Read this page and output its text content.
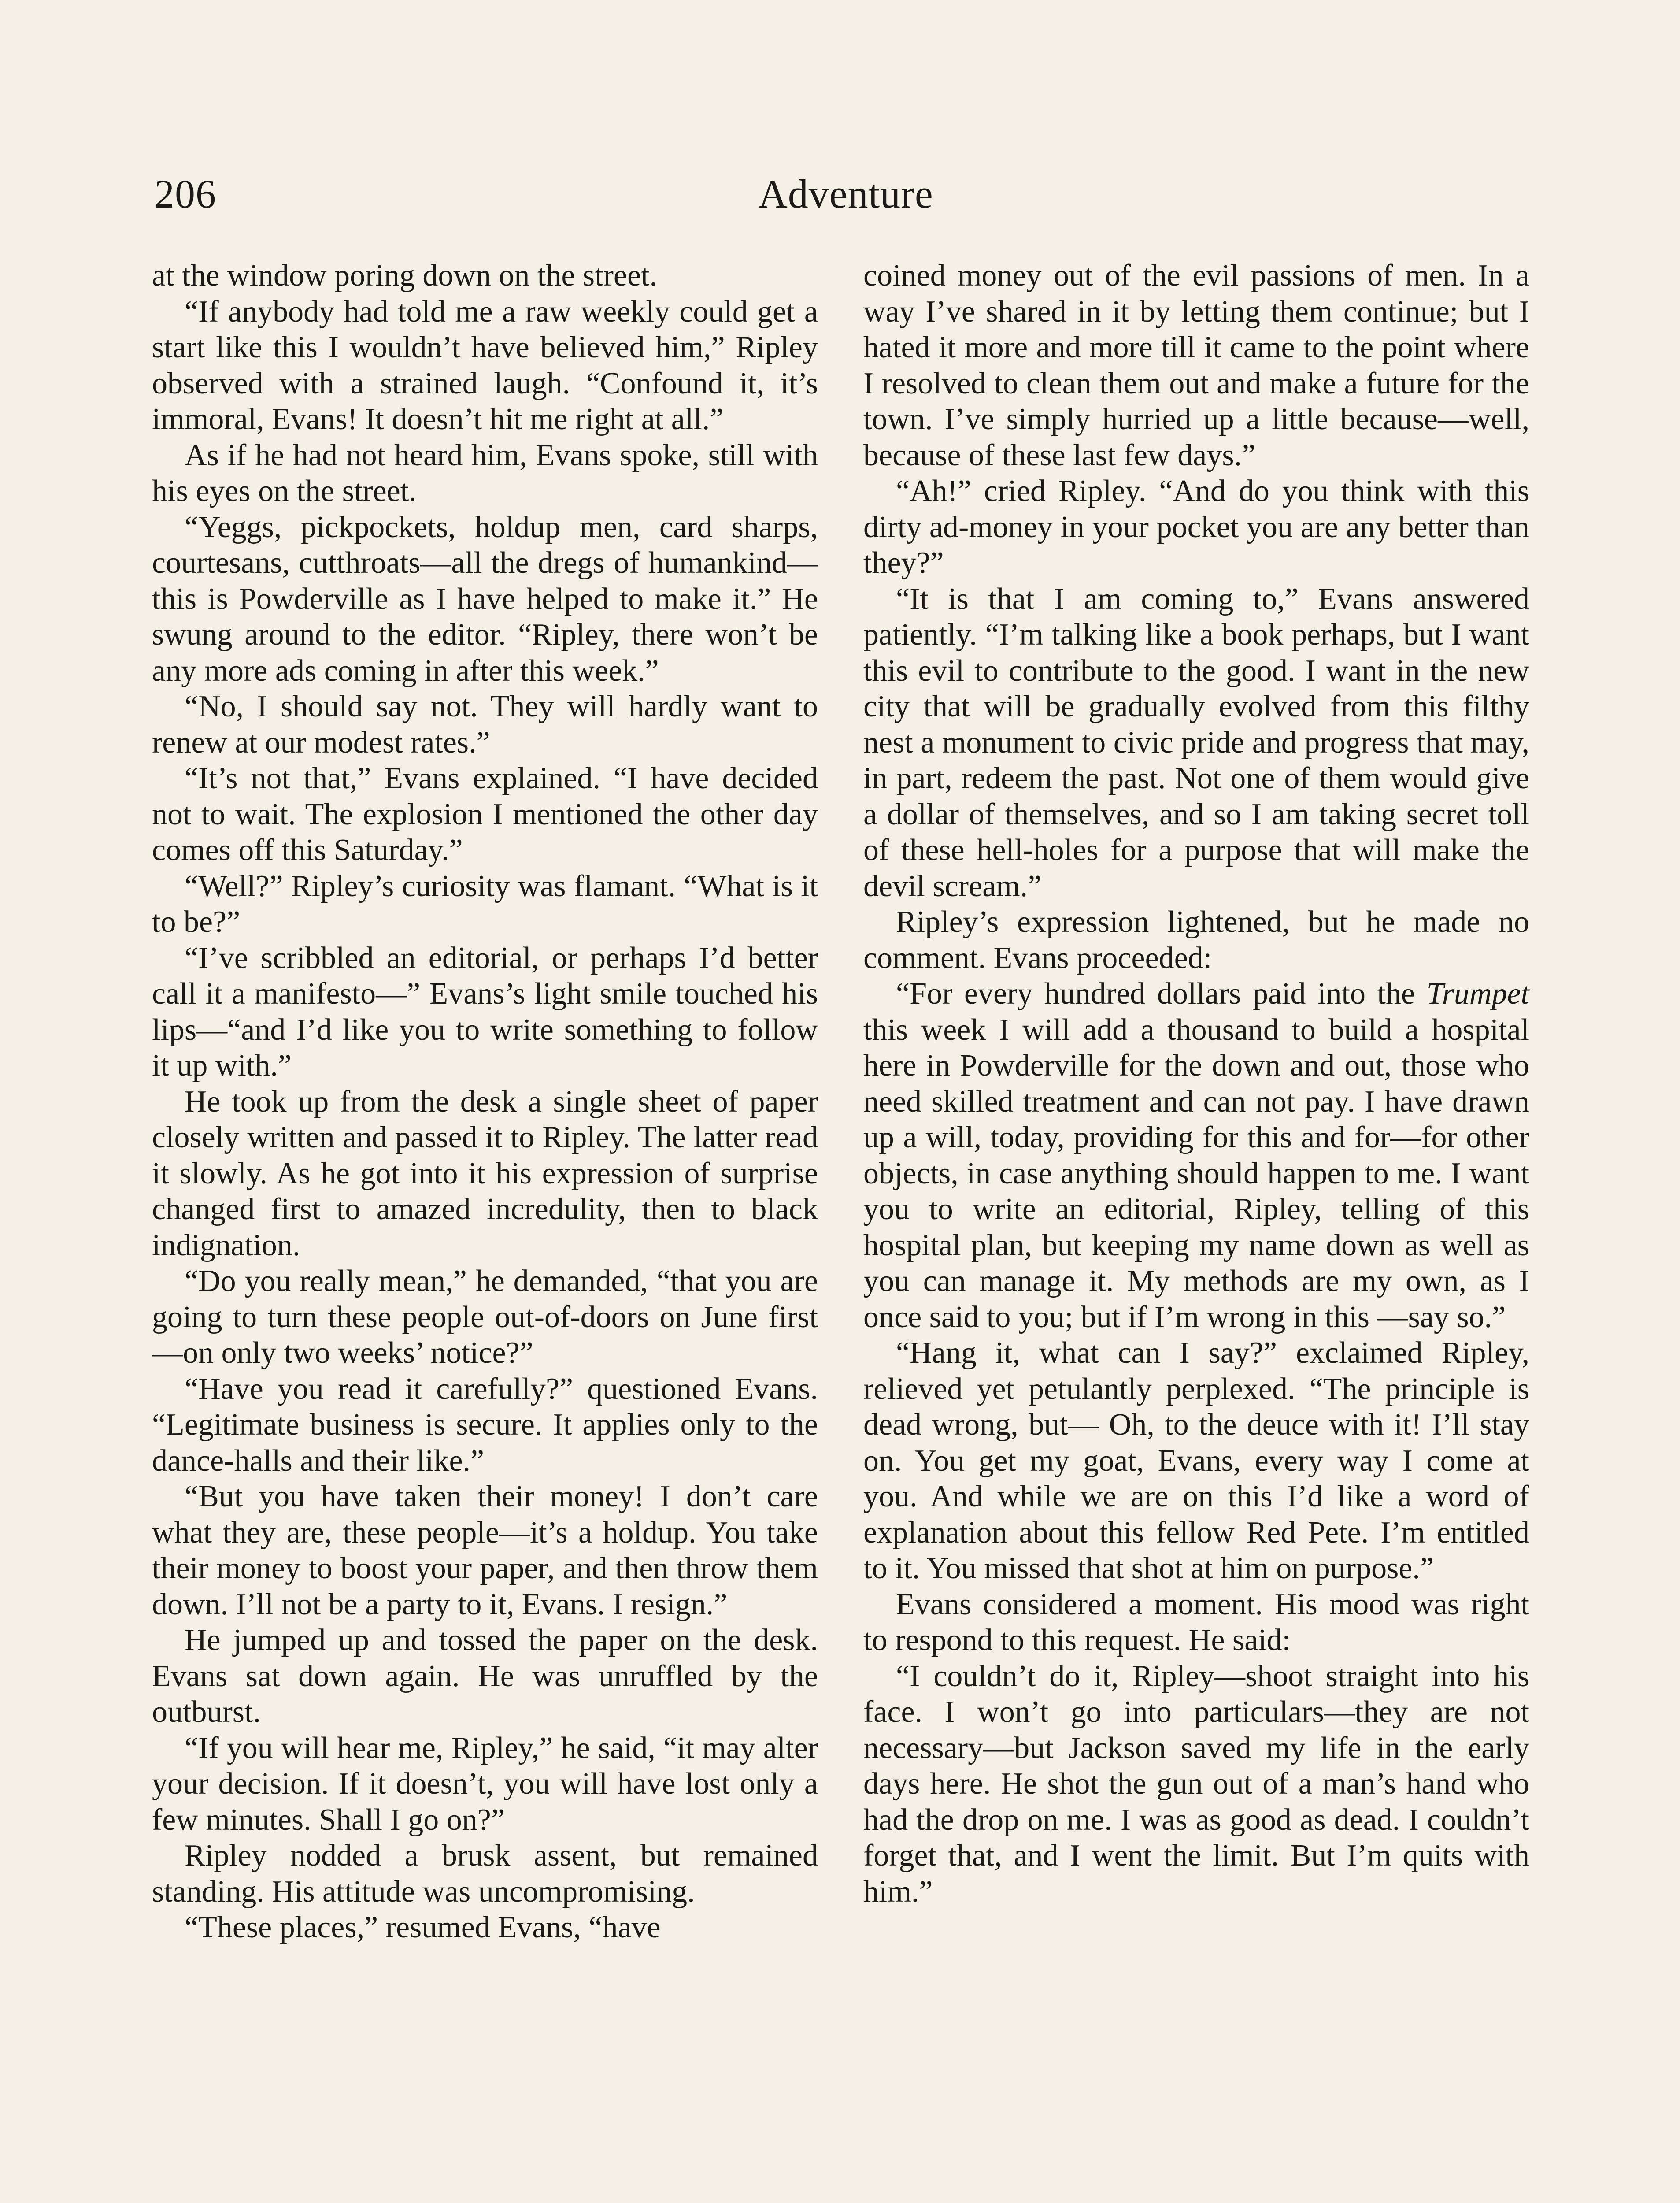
Adventure
206

at the window poring down on the street.

“If anybody had told me a raw weekly could get a start like this I wouldn’t have believed him,” Ripley observed with a strained laugh. “Confound it, it’s immoral, Evans! It doesn’t hit me right at all.”

As if he had not heard him, Evans spoke, still with his eyes on the street.

“Yeggs, pickpockets, holdup men, card sharps, courtesans, cutthroats—all the dregs of humankind—this is Powderville as I have helped to make it.” He swung around to the editor. “Ripley, there won’t be any more ads coming in after this week.”

“No, I should say not. They will hardly want to renew at our modest rates.”

“It’s not that,” Evans explained. “I have decided not to wait. The explosion I mentioned the other day comes off this Saturday.”

“Well?” Ripley’s curiosity was flamant. “What is it to be?”

“I’ve scribbled an editorial, or perhaps I’d better call it a manifesto—” Evans’s light smile touched his lips—“and I’d like you to write something to follow it up with.”

He took up from the desk a single sheet of paper closely written and passed it to Ripley. The latter read it slowly. As he got into it his expression of surprise changed first to amazed incredulity, then to black indignation.

“Do you really mean,” he demanded, “that you are going to turn these people out-of-doors on June first—on only two weeks’ notice?”

“Have you read it carefully?” questioned Evans. “Legitimate business is secure. It applies only to the dance-halls and their like.”

“But you have taken their money! I don’t care what they are, these people—it’s a holdup. You take their money to boost your paper, and then throw them down. I’ll not be a party to it, Evans. I resign.”

He jumped up and tossed the paper on the desk. Evans sat down again. He was unruffled by the outburst.

“If you will hear me, Ripley,” he said, “it may alter your decision. If it doesn’t, you will have lost only a few minutes. Shall I go on?”

Ripley nodded a brusk assent, but remained standing. His attitude was uncompromising.

“These places,” resumed Evans, “have

coined money out of the evil passions of men. In a way I’ve shared in it by letting them continue; but I hated it more and more till it came to the point where I resolved to clean them out and make a future for the town. I’ve simply hurried up a little because—well, because of these last few days.”

“Ah!” cried Ripley. “And do you think with this dirty ad-money in your pocket you are any better than they?”

“It is that I am coming to,” Evans answered patiently. “I’m talking like a book perhaps, but I want this evil to contribute to the good. I want in the new city that will be gradually evolved from this filthy nest a monument to civic pride and progress that may, in part, redeem the past. Not one of them would give a dollar of themselves, and so I am taking secret toll of these hell-holes for a purpose that will make the devil scream.”

Ripley’s expression lightened, but he made no comment. Evans proceeded:

“For every hundred dollars paid into the Trumpet this week I will add a thousand to build a hospital here in Powderville for the down and out, those who need skilled treatment and can not pay. I have drawn up a will, today, providing for this and for—for other objects, in case anything should happen to me. I want you to write an editorial, Ripley, telling of this hospital plan, but keeping my name down as well as you can manage it. My methods are my own, as I once said to you; but if I’m wrong in this —say so.”

“Hang it, what can I say?” exclaimed Ripley, relieved yet petulantly perplexed. “The principle is dead wrong, but— Oh, to the deuce with it! I’ll stay on. You get my goat, Evans, every way I come at you. And while we are on this I’d like a word of explanation about this fellow Red Pete. I’m entitled to it. You missed that shot at him on purpose.”

Evans considered a moment. His mood was right to respond to this request. He said:

“I couldn’t do it, Ripley—shoot straight into his face. I won’t go into particulars—they are not necessary—but Jackson saved my life in the early days here. He shot the gun out of a man’s hand who had the drop on me. I was as good as dead. I couldn’t forget that, and I went the limit. But I’m quits with him.”
